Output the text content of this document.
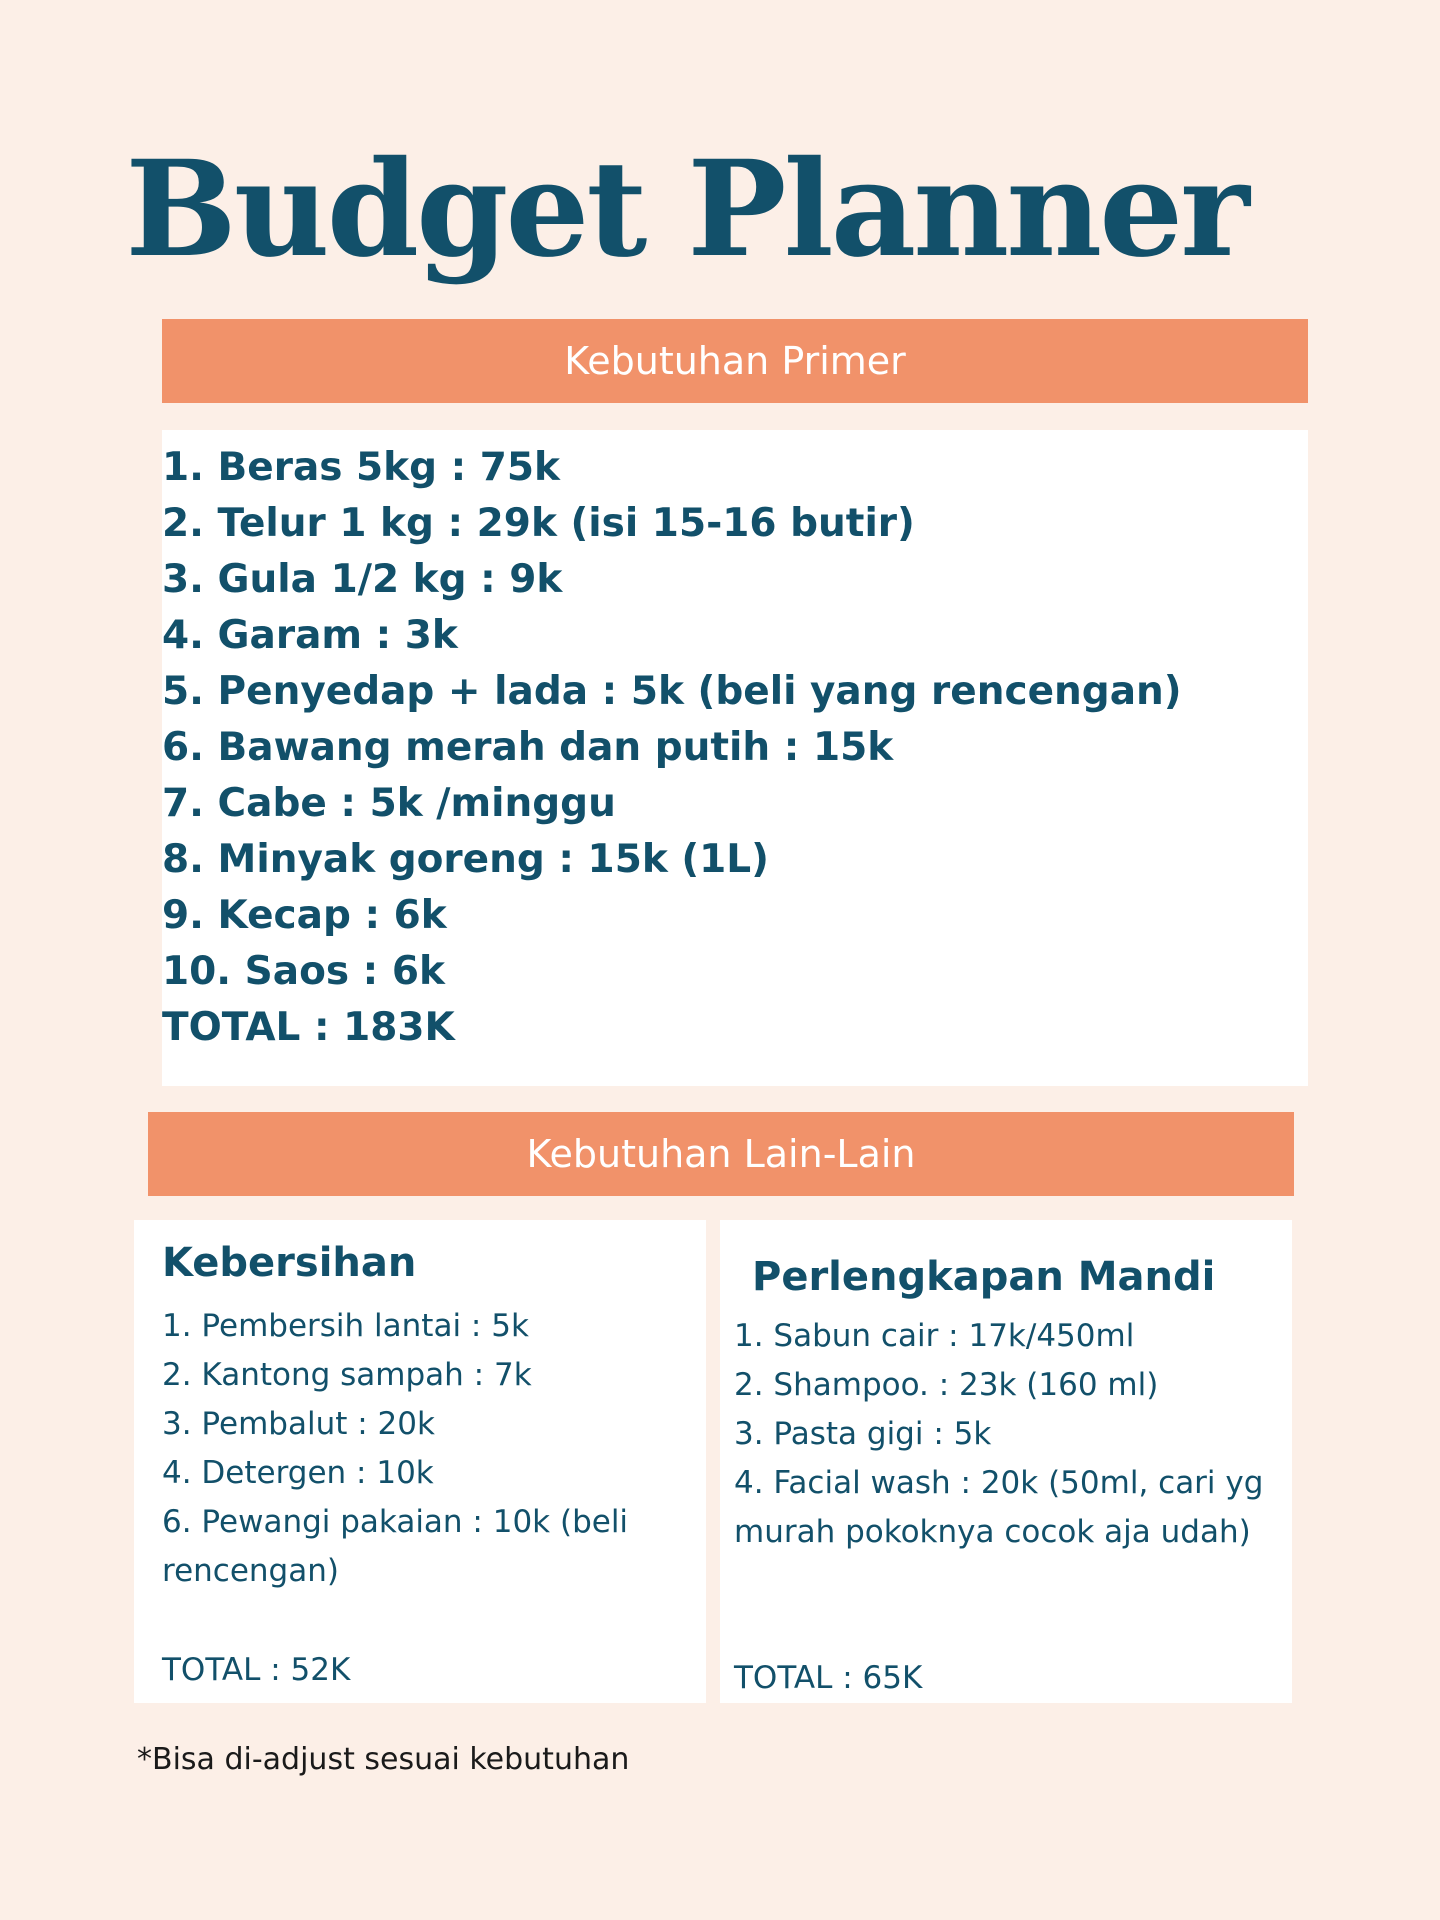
Budget Planner
Kebutuhan Primer
1. Beras 5kg : 75k
2. Telur 1 kg : 29k (isi 15-16 butir)
3. Gula 1/2 kg : 9k
4. Garam : 3k
5. Penyedap + lada : 5k (beli yang rencengan)
6. Bawang merah dan putih : 15k
7. Cabe : 5k /minggu
8. Minyak goreng : 15k (1L)
9. Kecap : 6k
10. Saos : 6k
TOTAL : 183K
Kebutuhan Lain-Lain
Kebersihan
1. Pembersih lantai : 5k
2. Kantong sampah : 7k
3. Pembalut : 20k
4. Detergen : 10k
6. Pewangi pakaian : 10k (beli rencengan)
TOTAL : 52K
Perlengkapan Mandi
1. Sabun cair : 17k/450ml
2. Shampoo. : 23k (160 ml)
3. Pasta gigi : 5k
4. Facial wash : 20k (50ml, cari yg murah pokoknya cocok aja udah)
TOTAL : 65K
*Bisa di-adjust sesuai kebutuhan
